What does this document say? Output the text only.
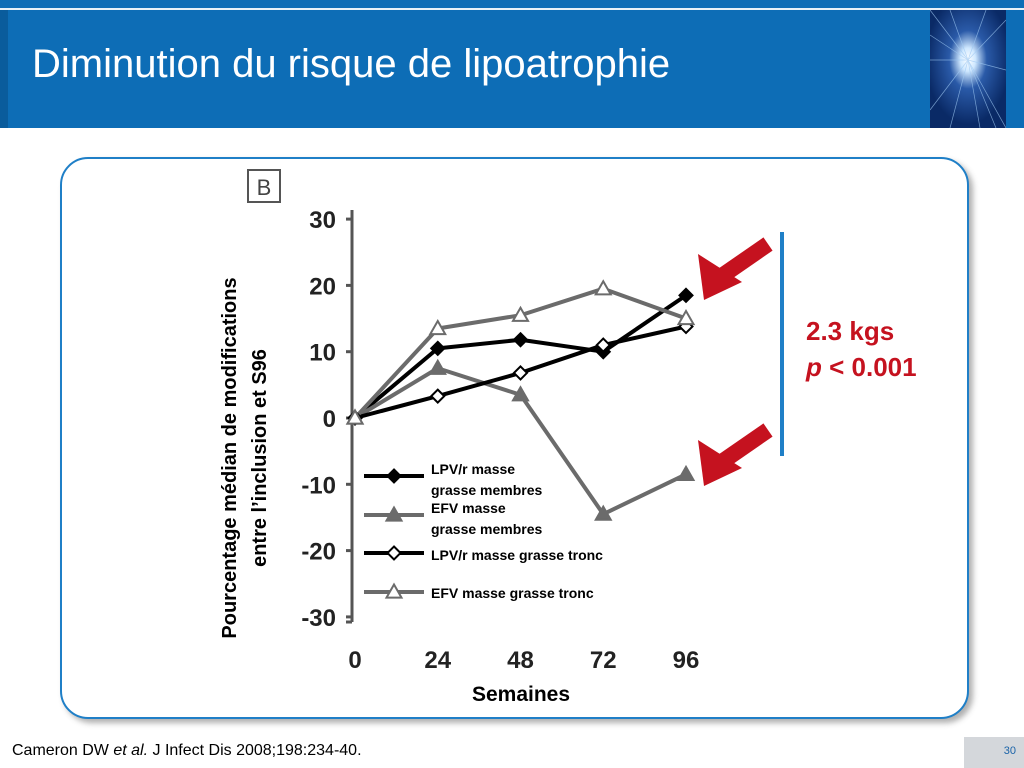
Diminution du risque de lipoatrophie
B
30
20
10
0
-10
-20
-30
0	24 48 72 96
LPV/r masse
grasse membres
EFV masse
grasse membres
LPV/r masse grasse tronc
EFV masse grasse tronc
Pourcentage médian de modifications entre l’inclusion et S96
Semaines
2.3 kgs
p < 0.001
Cameron DW et al. J Infect Dis 2008;198:234-40.	30
